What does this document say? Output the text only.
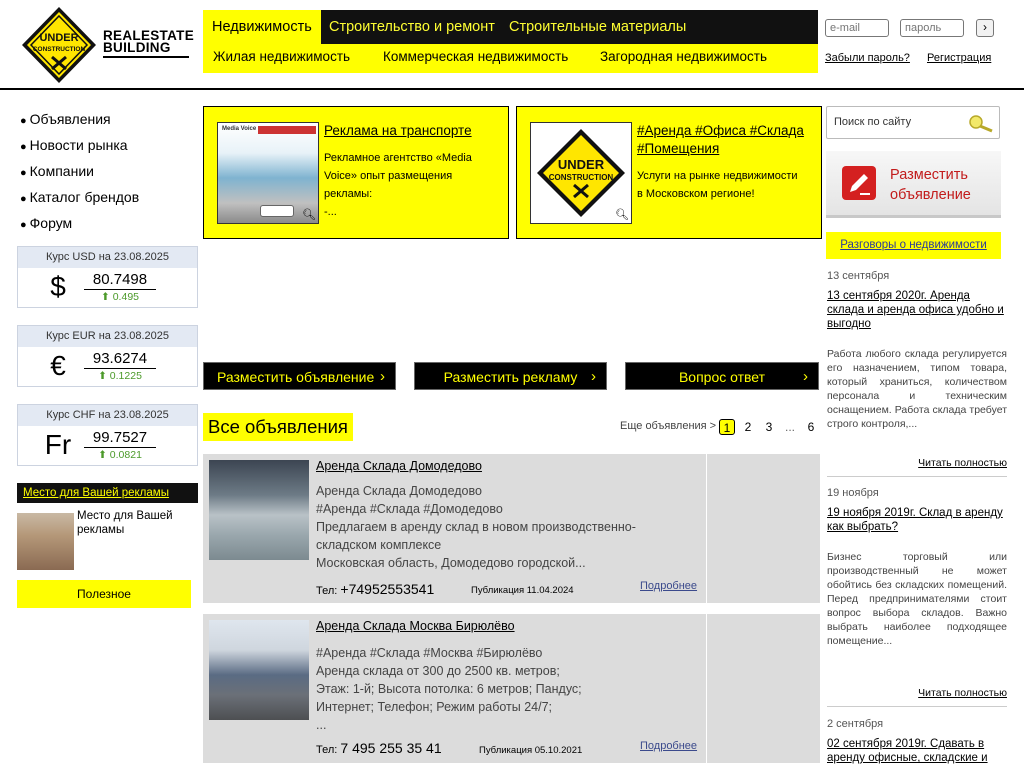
UNDER
CONSTRUCTION
REALESTATE
BUILDING
Недвижимость	Строительство и ремонт Строительные материалы
Жилая недвижимость Коммерческая недвижимость Загородная недвижимость
e-mail
пароль
›
Забыли пароль? Регистрация
● Объявления
● Новости рынка
● Компании
● Каталог брендов
● Форум
Курс USD на 23.08.2025
$	80.7498
⬆ 0.495
Курс EUR на 23.08.2025
€	93.6274
⬆ 0.1225
Курс CHF на 23.08.2025
Fr	99.7527
⬆ 0.0821
Место для Вашей рекламы
Место для Вашей рекламы
Полезное
Media Voice
🔍︎
Реклама на транспорте
Рекламное агентство «Media
Voice» опыт размещения
рекламы:
-...
UNDER
CONSTRUCTION
🔍︎
#Аренда #Офиса #Склада #Помещения
Услуги на рынке недвижимости
в Московском регионе!
Разместить объявление ›	Разместить рекламу ›	Вопрос ответ	›
Все объявления	Еще объявления > 1	2	3	...	6
Аренда Склада Домодедово
Аренда Склада Домодедово
#Аренда #Склада #Домодедово
Предлагаем в аренду склад в новом производственно-
складском комплексе
Московская область, Домодедово городской...
Тел: +74952553541	Публикация 11.04.2024	Подробнее
Аренда Склада Москва Бирюлёво
#Аренда #Склада #Москва #Бирюлёво
Аренда склада от 300 до 2500 кв. метров;
Этаж: 1-й; Высота потолка: 6 метров; Пандус;
Интернет; Телефон; Режим работы 24/7;
...
Тел: 7 495 255 35 41	Публикация 05.10.2021	Подробнее
Поиск по сайту
Разместить объявление
Разговоры о недвижимости
13 сентября
13 сентября 2020г. Аренда склада и аренда офиса удобно и выгодно
Работа любого склада регулируется его назначением, типом товара, который храниться, количеством персонала и техническим оснащением. Работа склада требует строго контроля,...
Читать полностью
19 ноября
19 ноября 2019г. Склад в аренду как выбрать?
Бизнес торговый или производственный не может обойтись без складских помещений. Перед предпринимателями стоит вопрос выбора складов. Важно выбрать наиболее подходящее помещение...
Читать полностью
2 сентября
02 сентября 2019г. Сдавать в аренду офисные, складские и
